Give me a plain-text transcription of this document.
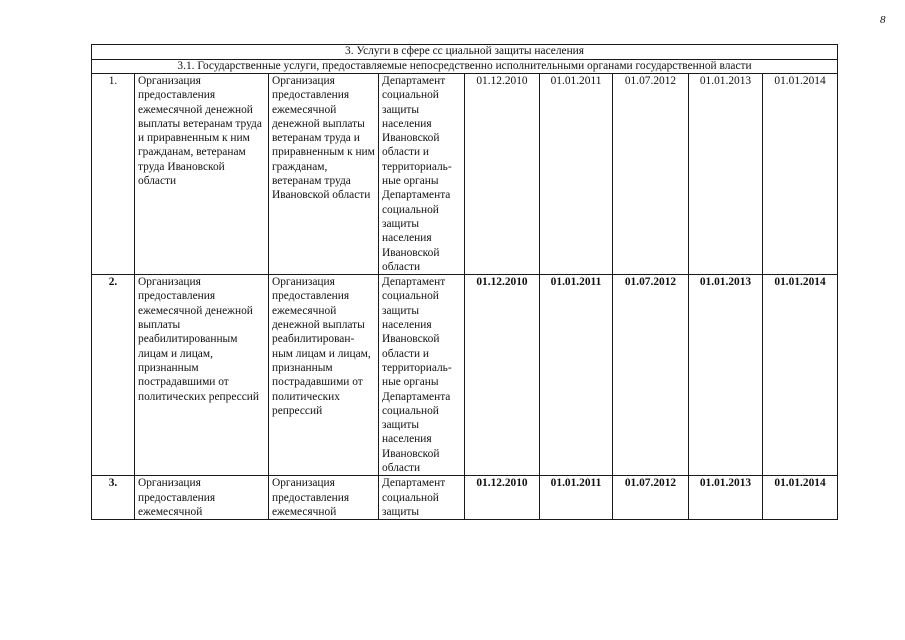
8
3. Услуги в сфере сс циальной защиты населения								
3.1. Государственные услуги, предоставляемые непосредственно исполнительными органами государственной власти								
1.	Организация предоставления ежемесячной денежной выплаты ветеранам труда и приравненным к ним гражданам, ветеранам труда Ивановской области	Организация предоставления ежемесячной денежной выплаты ветеранам труда и приравненным к ним гражданам, ветеранам труда Ивановской области	Департамент социальной защиты населения Ивановской области и территориаль-ные органы Департамента социальной защиты населения Ивановской области	01.12.2010	01.01.2011	01.07.2012	01.01.2013	01.01.2014
2.	Организация предоставления ежемесячной денежной выплаты реабилитированным лицам и лицам, признанным пострадавшими от политических репрессий	Организация предоставления ежемесячной денежной выплаты реабилитирован-ным лицам и лицам, признанным пострадавшими от политических репрессий	Департамент социальной защиты населения Ивановской области и территориаль-ные органы Департамента социальной защиты населения Ивановской области	01.12.2010	01.01.2011	01.07.2012	01.01.2013	01.01.2014
3.	Организация предоставления ежемесячной	Организация предоставления ежемесячной	Департамент социальной защиты	01.12.2010	01.01.2011	01.07.2012	01.01.2013	01.01.2014
